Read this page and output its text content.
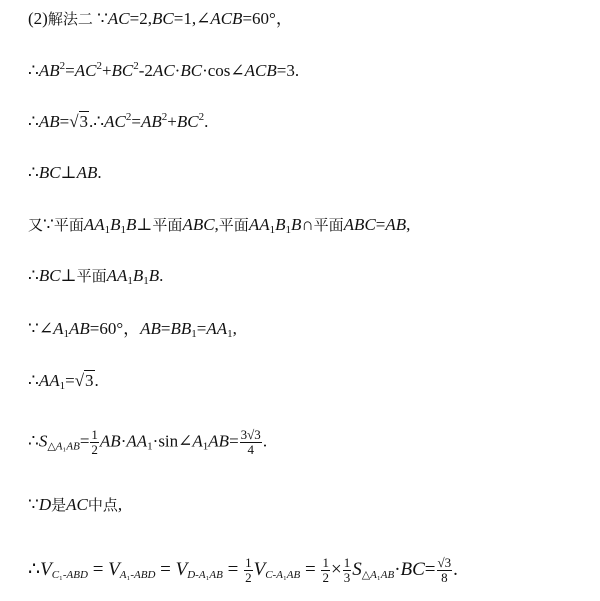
(2)解法二 ∵AC=2,BC=1,∠ACB=60°，
$\therefore AB^2=AC^2+BC^2-2AC\cdot BC\cdot\cos\angle ACB=3$.
$\therefore AB=√3.\therefore AC^2=AB^2+BC^2$.
∴BC⊥AB.
又∵平面$AA_1B_1B\perp$平面ABC,平面$AA_1B_1B\cap$平面ABC=AB,
∴BC⊥平面$AA_1B_1B$.
$\because\angle A_1AB=60^\circ$，$AB=BB_1=AA_1$,
$\therefore AA_1=√3$.
$\therefore S_{\triangle A_1AB}= \frac{1}{2}$ $AB\cdot AA_1\cdot\sin\angle A_1AB= \frac{3√3}{4}$ .
∵D是AC中点,
$\therefore V_{C_1-ABD} = V_{A_1-ABD} = V_{D-A_1AB} = \frac{1}{2} V_{C-A_1AB} = \frac{1}{2} \times \frac{1}{3} S_{\triangle A_1AB}\cdot BC= \frac{√3}{8}$ .
